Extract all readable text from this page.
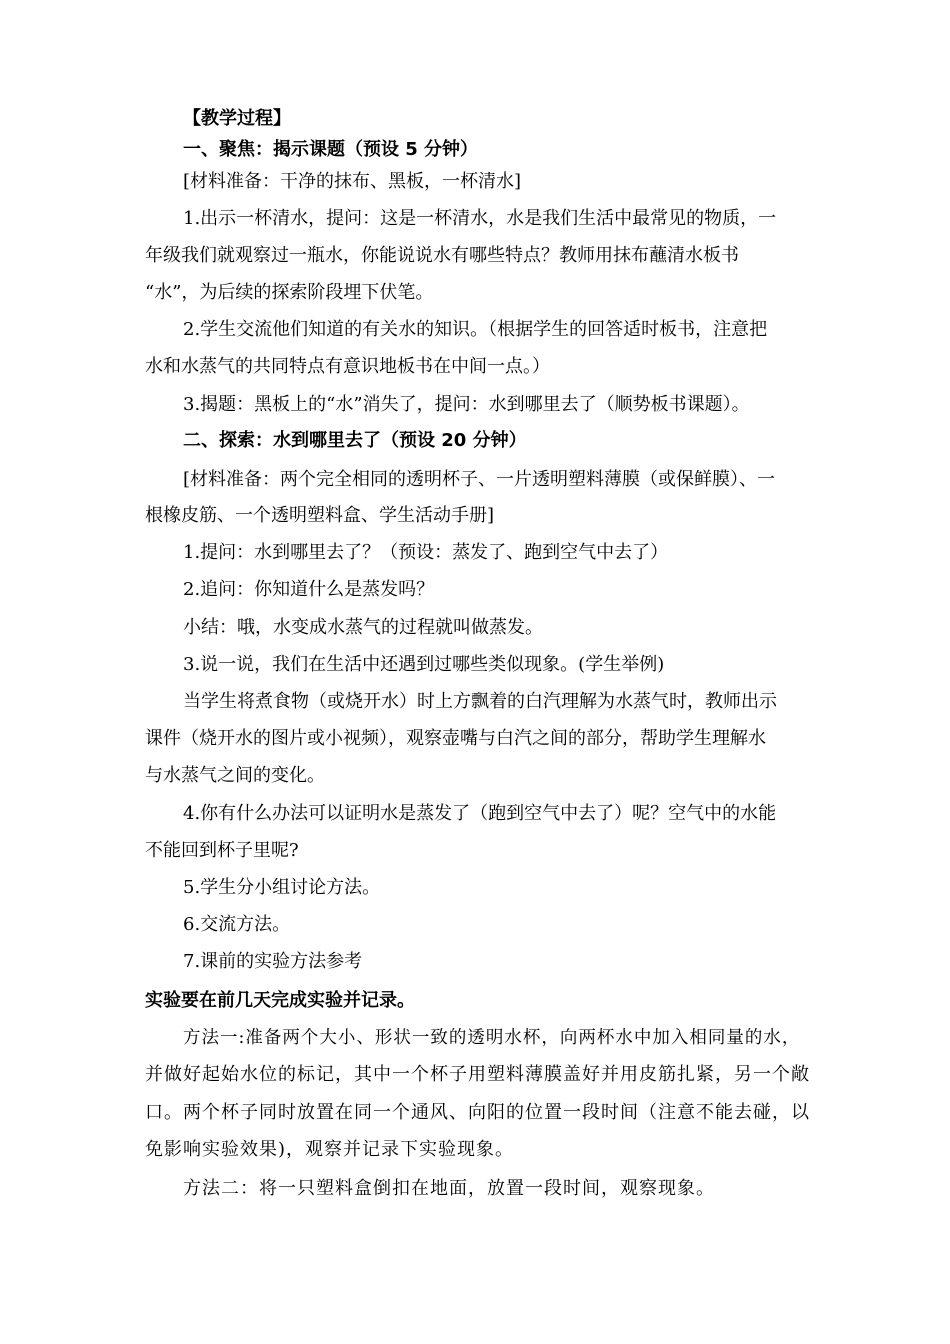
【教学过程】
一、聚焦：揭示课题（预设 5 分钟）
[材料准备：干净的抹布、黑板，一杯清水]
1.出示一杯清水，提问：这是一杯清水，水是我们生活中最常见的物质，一
年级我们就观察过一瓶水，你能说说水有哪些特点？教师用抹布蘸清水板书
“水”，为后续的探索阶段埋下伏笔。
2.学生交流他们知道的有关水的知识。（根据学生的回答适时板书，注意把
水和水蒸气的共同特点有意识地板书在中间一点。）
3.揭题：黑板上的“水”消失了，提问：水到哪里去了（顺势板书课题）。
二、探索：水到哪里去了（预设 20 分钟）
[材料准备：两个完全相同的透明杯子、一片透明塑料薄膜（或保鲜膜）、一
根橡皮筋、一个透明塑料盒、学生活动手册]
1.提问：水到哪里去了？（预设：蒸发了、跑到空气中去了）
2.追问：你知道什么是蒸发吗？
小结：哦，水变成水蒸气的过程就叫做蒸发。
3.说一说，我们在生活中还遇到过哪些类似现象。(学生举例)
当学生将煮食物（或烧开水）时上方飘着的白汽理解为水蒸气时，教师出示
课件（烧开水的图片或小视频），观察壶嘴与白汽之间的部分，帮助学生理解水
与水蒸气之间的变化。
4.你有什么办法可以证明水是蒸发了（跑到空气中去了）呢？空气中的水能
不能回到杯子里呢?
5.学生分小组讨论方法。
6.交流方法。
7.课前的实验方法参考
实验要在前几天完成实验并记录。
方法一:准备两个大小、形状一致的透明水杯，向两杯水中加入相同量的水，
并做好起始水位的标记，其中一个杯子用塑料薄膜盖好并用皮筋扎紧，另一个敞
口。两个杯子同时放置在同一个通风、向阳的位置一段时间（注意不能去碰，以
免影响实验效果)，观察并记录下实验现象。
方法二：将一只塑料盒倒扣在地面，放置一段时间，观察现象。
